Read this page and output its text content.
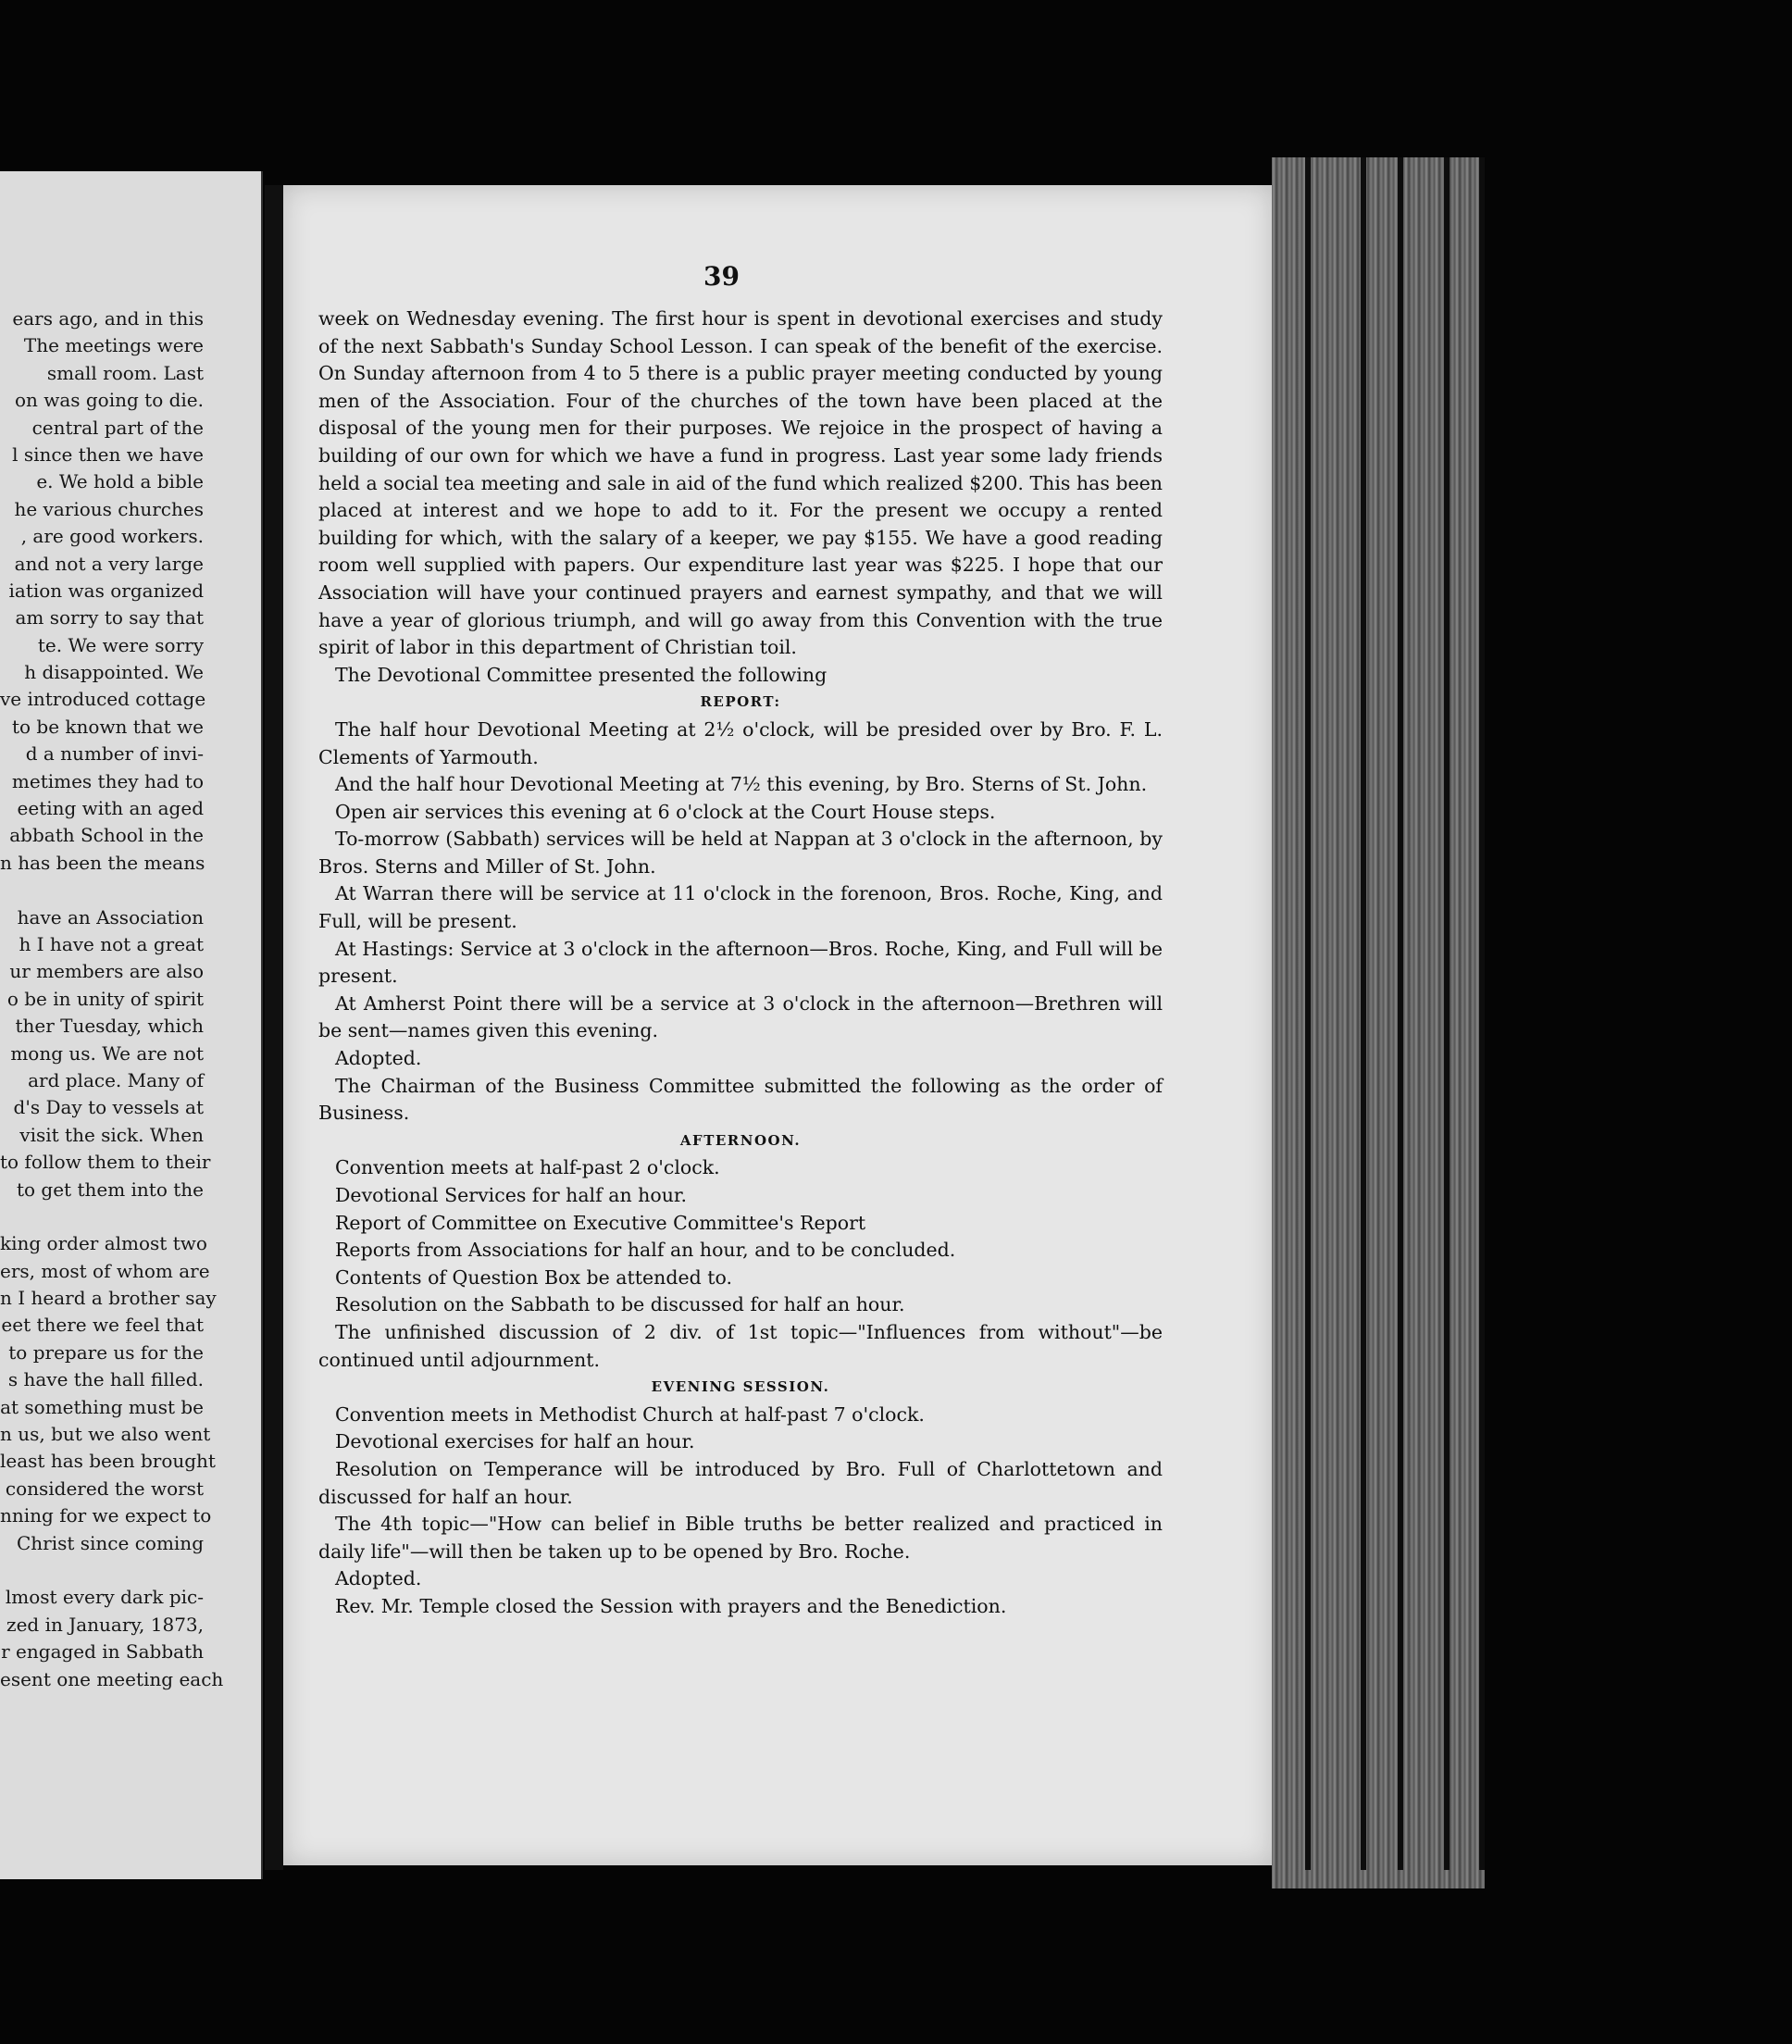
ears ago, and in this
The meetings were
small room. Last
on was going to die.
central part of the
l since then we have
e. We hold a bible
he various churches
, are good workers.
and not a very large
iation was organized
am sorry to say that
te. We were sorry
h disappointed. We
ve introduced cottage
to be known that we
d a number of invi-
metimes they had to
eeting with an aged
abbath School in the
n has been the means
have an Association
h I have not a great
ur members are also
o be in unity of spirit
ther Tuesday, which
mong us. We are not
ard place. Many of
d's Day to vessels at
visit the sick. When
to follow them to their
to get them into the
king order almost two
ers, most of whom are
n I heard a brother say
eet there we feel that
to prepare us for the
s have the hall filled.
at something must be
n us, but we also went
least has been brought
considered the worst
nning for we expect to
Christ since coming
lmost every dark pic-
zed in January, 1873,
r engaged in Sabbath
esent one meeting each
39

week on Wednesday evening. The first hour is spent in devotional exercises and study of the next Sabbath's Sunday School Lesson. I can speak of the benefit of the exercise. On Sunday afternoon from 4 to 5 there is a public prayer meeting conducted by young men of the Association. Four of the churches of the town have been placed at the disposal of the young men for their purposes. We rejoice in the prospect of having a building of our own for which we have a fund in progress. Last year some lady friends held a social tea meeting and sale in aid of the fund which realized $200. This has been placed at interest and we hope to add to it. For the present we occupy a rented building for which, with the salary of a keeper, we pay $155. We have a good reading room well supplied with papers. Our expenditure last year was $225. I hope that our Association will have your continued prayers and earnest sympathy, and that we will have a year of glorious triumph, and will go away from this Convention with the true spirit of labor in this department of Christian toil.

The Devotional Committee presented the following

REPORT:

The half hour Devotional Meeting at 2½ o'clock, will be presided over by Bro. F. L. Clements of Yarmouth.

And the half hour Devotional Meeting at 7½ this evening, by Bro. Sterns of St. John.

Open air services this evening at 6 o'clock at the Court House steps.

To-morrow (Sabbath) services will be held at Nappan at 3 o'clock in the afternoon, by Bros. Sterns and Miller of St. John.

At Warran there will be service at 11 o'clock in the forenoon, Bros. Roche, King, and Full, will be present.

At Hastings: Service at 3 o'clock in the afternoon—Bros. Roche, King, and Full will be present.

At Amherst Point there will be a service at 3 o'clock in the afternoon—Brethren will be sent—names given this evening.

Adopted.

The Chairman of the Business Committee submitted the following as the order of Business.

AFTERNOON.

Convention meets at half-past 2 o'clock.

Devotional Services for half an hour.

Report of Committee on Executive Committee's Report

Reports from Associations for half an hour, and to be concluded.

Contents of Question Box be attended to.

Resolution on the Sabbath to be discussed for half an hour.

The unfinished discussion of 2 div. of 1st topic—"Influences from without"—be continued until adjournment.

EVENING SESSION.

Convention meets in Methodist Church at half-past 7 o'clock.

Devotional exercises for half an hour.

Resolution on Temperance will be introduced by Bro. Full of Charlottetown and discussed for half an hour.

The 4th topic—"How can belief in Bible truths be better realized and practiced in daily life"—will then be taken up to be opened by Bro. Roche.

Adopted.

Rev. Mr. Temple closed the Session with prayers and the Benediction.
